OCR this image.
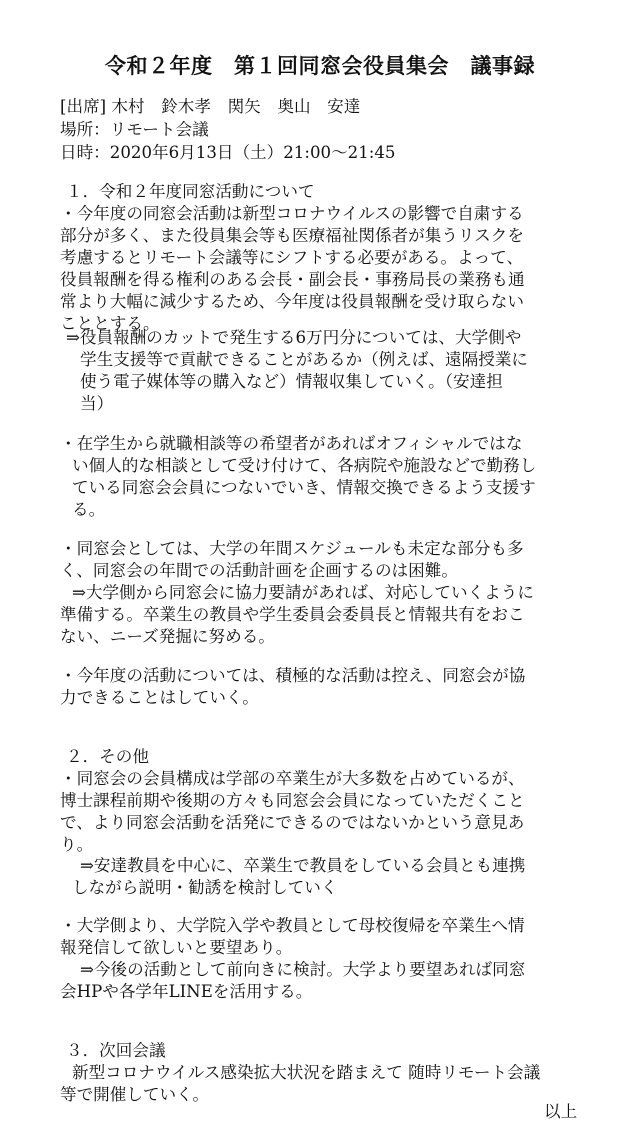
令和２年度　第１回同窓会役員集会　議事録
[出席] 木村　鈴木孝　関矢　奥山　安達
場所：リモート会議
日時：2020年6月13日（土）21:00〜21:45
１．令和２年度同窓活動について
・今年度の同窓会活動は新型コロナウイルスの影響で自粛する
部分が多く、また役員集会等も医療福祉関係者が集うリスクを
考慮するとリモート会議等にシフトする必要がある。よって、
役員報酬を得る権利のある会長・副会長・事務局長の業務も通
常より大幅に減少するため、今年度は役員報酬を受け取らない
こととする。
⇒役員報酬のカットで発生する6万円分については、大学側や
学生支援等で貢献できることがあるか（例えば、遠隔授業に
使う電子媒体等の購入など）情報収集していく。（安達担
当）
・在学生から就職相談等の希望者があればオフィシャルではな
い個人的な相談として受け付けて、各病院や施設などで勤務し
ている同窓会会員につないでいき、情報交換できるよう支援す
る。
・同窓会としては、大学の年間スケジュールも未定な部分も多
く、同窓会の年間での活動計画を企画するのは困難。
⇒大学側から同窓会に協力要請があれば、対応していくように
準備する。卒業生の教員や学生委員会委員長と情報共有をおこ
ない、ニーズ発掘に努める。
・今年度の活動については、積極的な活動は控え、同窓会が協
力できることはしていく。
２．その他
・同窓会の会員構成は学部の卒業生が大多数を占めているが、
博士課程前期や後期の方々も同窓会会員になっていただくこと
で、より同窓会活動を活発にできるのではないかという意見あ
り。
⇒安達教員を中心に、卒業生で教員をしている会員とも連携
しながら説明・勧誘を検討していく
・大学側より、大学院入学や教員として母校復帰を卒業生へ情
報発信して欲しいと要望あり。
⇒今後の活動として前向きに検討。大学より要望あれば同窓
会HPや各学年LINEを活用する。
３．次回会議
新型コロナウイルス感染拡大状況を踏まえて 随時リモート会議
等で開催していく。
以上
